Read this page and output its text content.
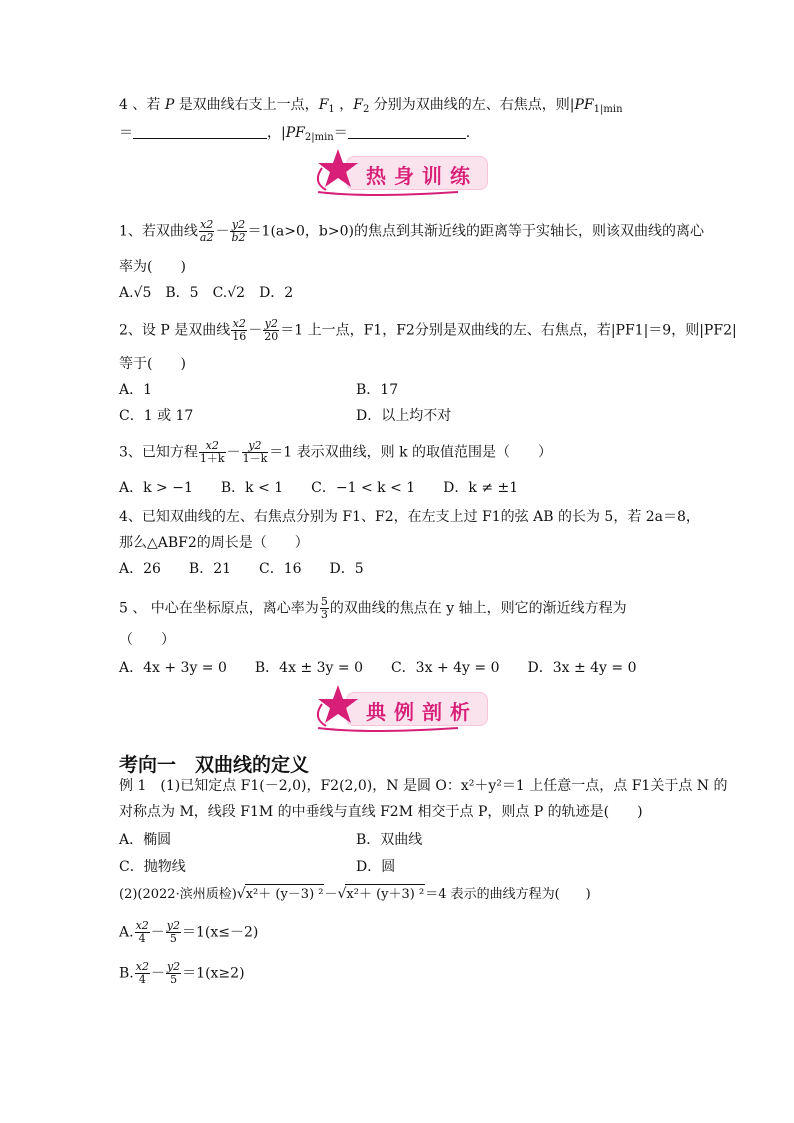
4 、若 P 是双曲线右支上一点，$F_1$ ，$F_2$ 分别为双曲线的左、右焦点，则$|PF_{1|min}$
＝	，$|PF_{2|min}=$	.
热身训练
1、若双曲线 $\frac{x2}{a2} - \frac{y2}{b2} =1(a>0$，b>0)的焦点到其渐近线的距离等于实轴长，则该双曲线的离心
率为(　　)
A.√5　B．5　C.√2　D．2
2、设 P 是双曲线 $\frac{x2}{16} - \frac{y2}{20} =1$ 上一点，F1，F2分别是双曲线的左、右焦点，若|PF1|＝9，则|PF2|
等于(　　)
A．1	B．17
C．1 或 17	D．以上均不对
3、已知方程 $\frac{x2}{1+k} - \frac{y2}{1-k} =1$ 表示双曲线，则 k 的取值范围是（　　）
A．k > −1　　B．k < 1　　C．−1 < k < 1　　D．k ≠ ±1
4、已知双曲线的左、右焦点分别为 F1、F2，在左支上过 F1的弦 AB 的长为 5，若 2a＝8，
那么△ABF2的周长是（　　）
A．26　　B．21　　C．16　　D．5
5 、 中心在坐标原点，离心率为 $\frac{5}{3}$ 的双曲线的焦点在 y 轴上，则它的渐近线方程为
（　　）
A．4x + 3y = 0　　B．4x ± 3y = 0　　C．3x + 4y = 0　　D．3x ± 4y = 0
典例剖析
考向一　双曲线的定义
例 1　(1)已知定点 F1(－2,0)，F2(2,0)，N 是圆 O：x²＋y²＝1 上任意一点，点 F1关于点 N 的
对称点为 M，线段 F1M 的中垂线与直线 F2M 相交于点 P，则点 P 的轨迹是(　　)
A．椭圆	B．双曲线
C．抛物线	D．圆
(2)(2022·滨州质检)√x²＋ (y－3) ²－√x²＋ (y＋3) ²＝4 表示的曲线方程为(　　)
A. $\frac{x2}{4} - \frac{y2}{5} =1(x\le-2)$
B. $\frac{x2}{4} - \frac{y2}{5} =1(x\ge 2)$
